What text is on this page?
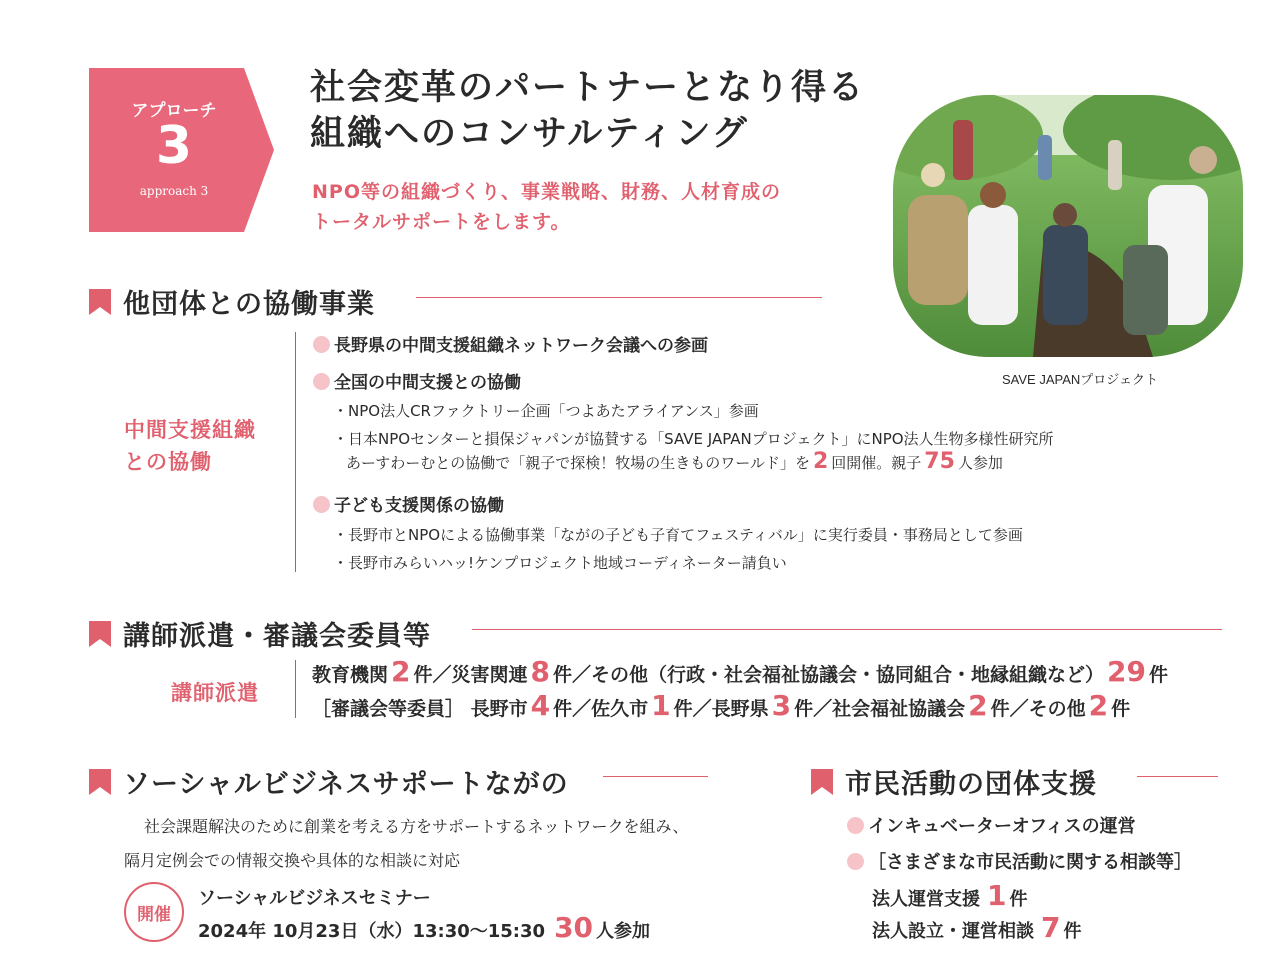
アプローチ
3
approach 3
社会変革のパートナーとなり得る
組織へのコンサルティング
NPO等の組織づくり、事業戦略、財務、人材育成の
トータルサポートをします。
SAVE JAPANプロジェクト
他団体との協働事業
中間支援組織
との協働
長野県の中間支援組織ネットワーク会議への参画
全国の中間支援との協働
・NPO法人CRファクトリー企画「つよあたアライアンス」参画
・日本NPOセンターと損保ジャパンが協賛する「SAVE JAPANプロジェクト」にNPO法人生物多様性研究所
あーすわーむとの協働で「親子で探検！牧場の生きものワールド」を 2 回開催。親子 75 人参加
子ども支援関係の協働
・長野市とNPOによる協働事業「ながの子ども子育てフェスティバル」に実行委員・事務局として参画
・長野市みらいハッ!ケンプロジェクト地域コーディネーター請負い
講師派遣・審議会委員等
講師派遣
教育機関 2 件／災害関連 8 件／その他（行政・社会福祉協議会・協同組合・地縁組織など） 29 件
［審議会等委員］ 長野市 4 件／佐久市 1 件／長野県 3 件／社会福祉協議会 2 件／その他 2 件
ソーシャルビジネスサポートながの
社会課題解決のために創業を考える方をサポートするネットワークを組み、
隔月定例会での情報交換や具体的な相談に対応
開催
ソーシャルビジネスセミナー
2024年 10月23日（水）13:30〜15:30 30 人参加
市民活動の団体支援
インキュベーターオフィスの運営
［さまざまな市民活動に関する相談等］
法人運営支援 1 件
法人設立・運営相談 7 件
